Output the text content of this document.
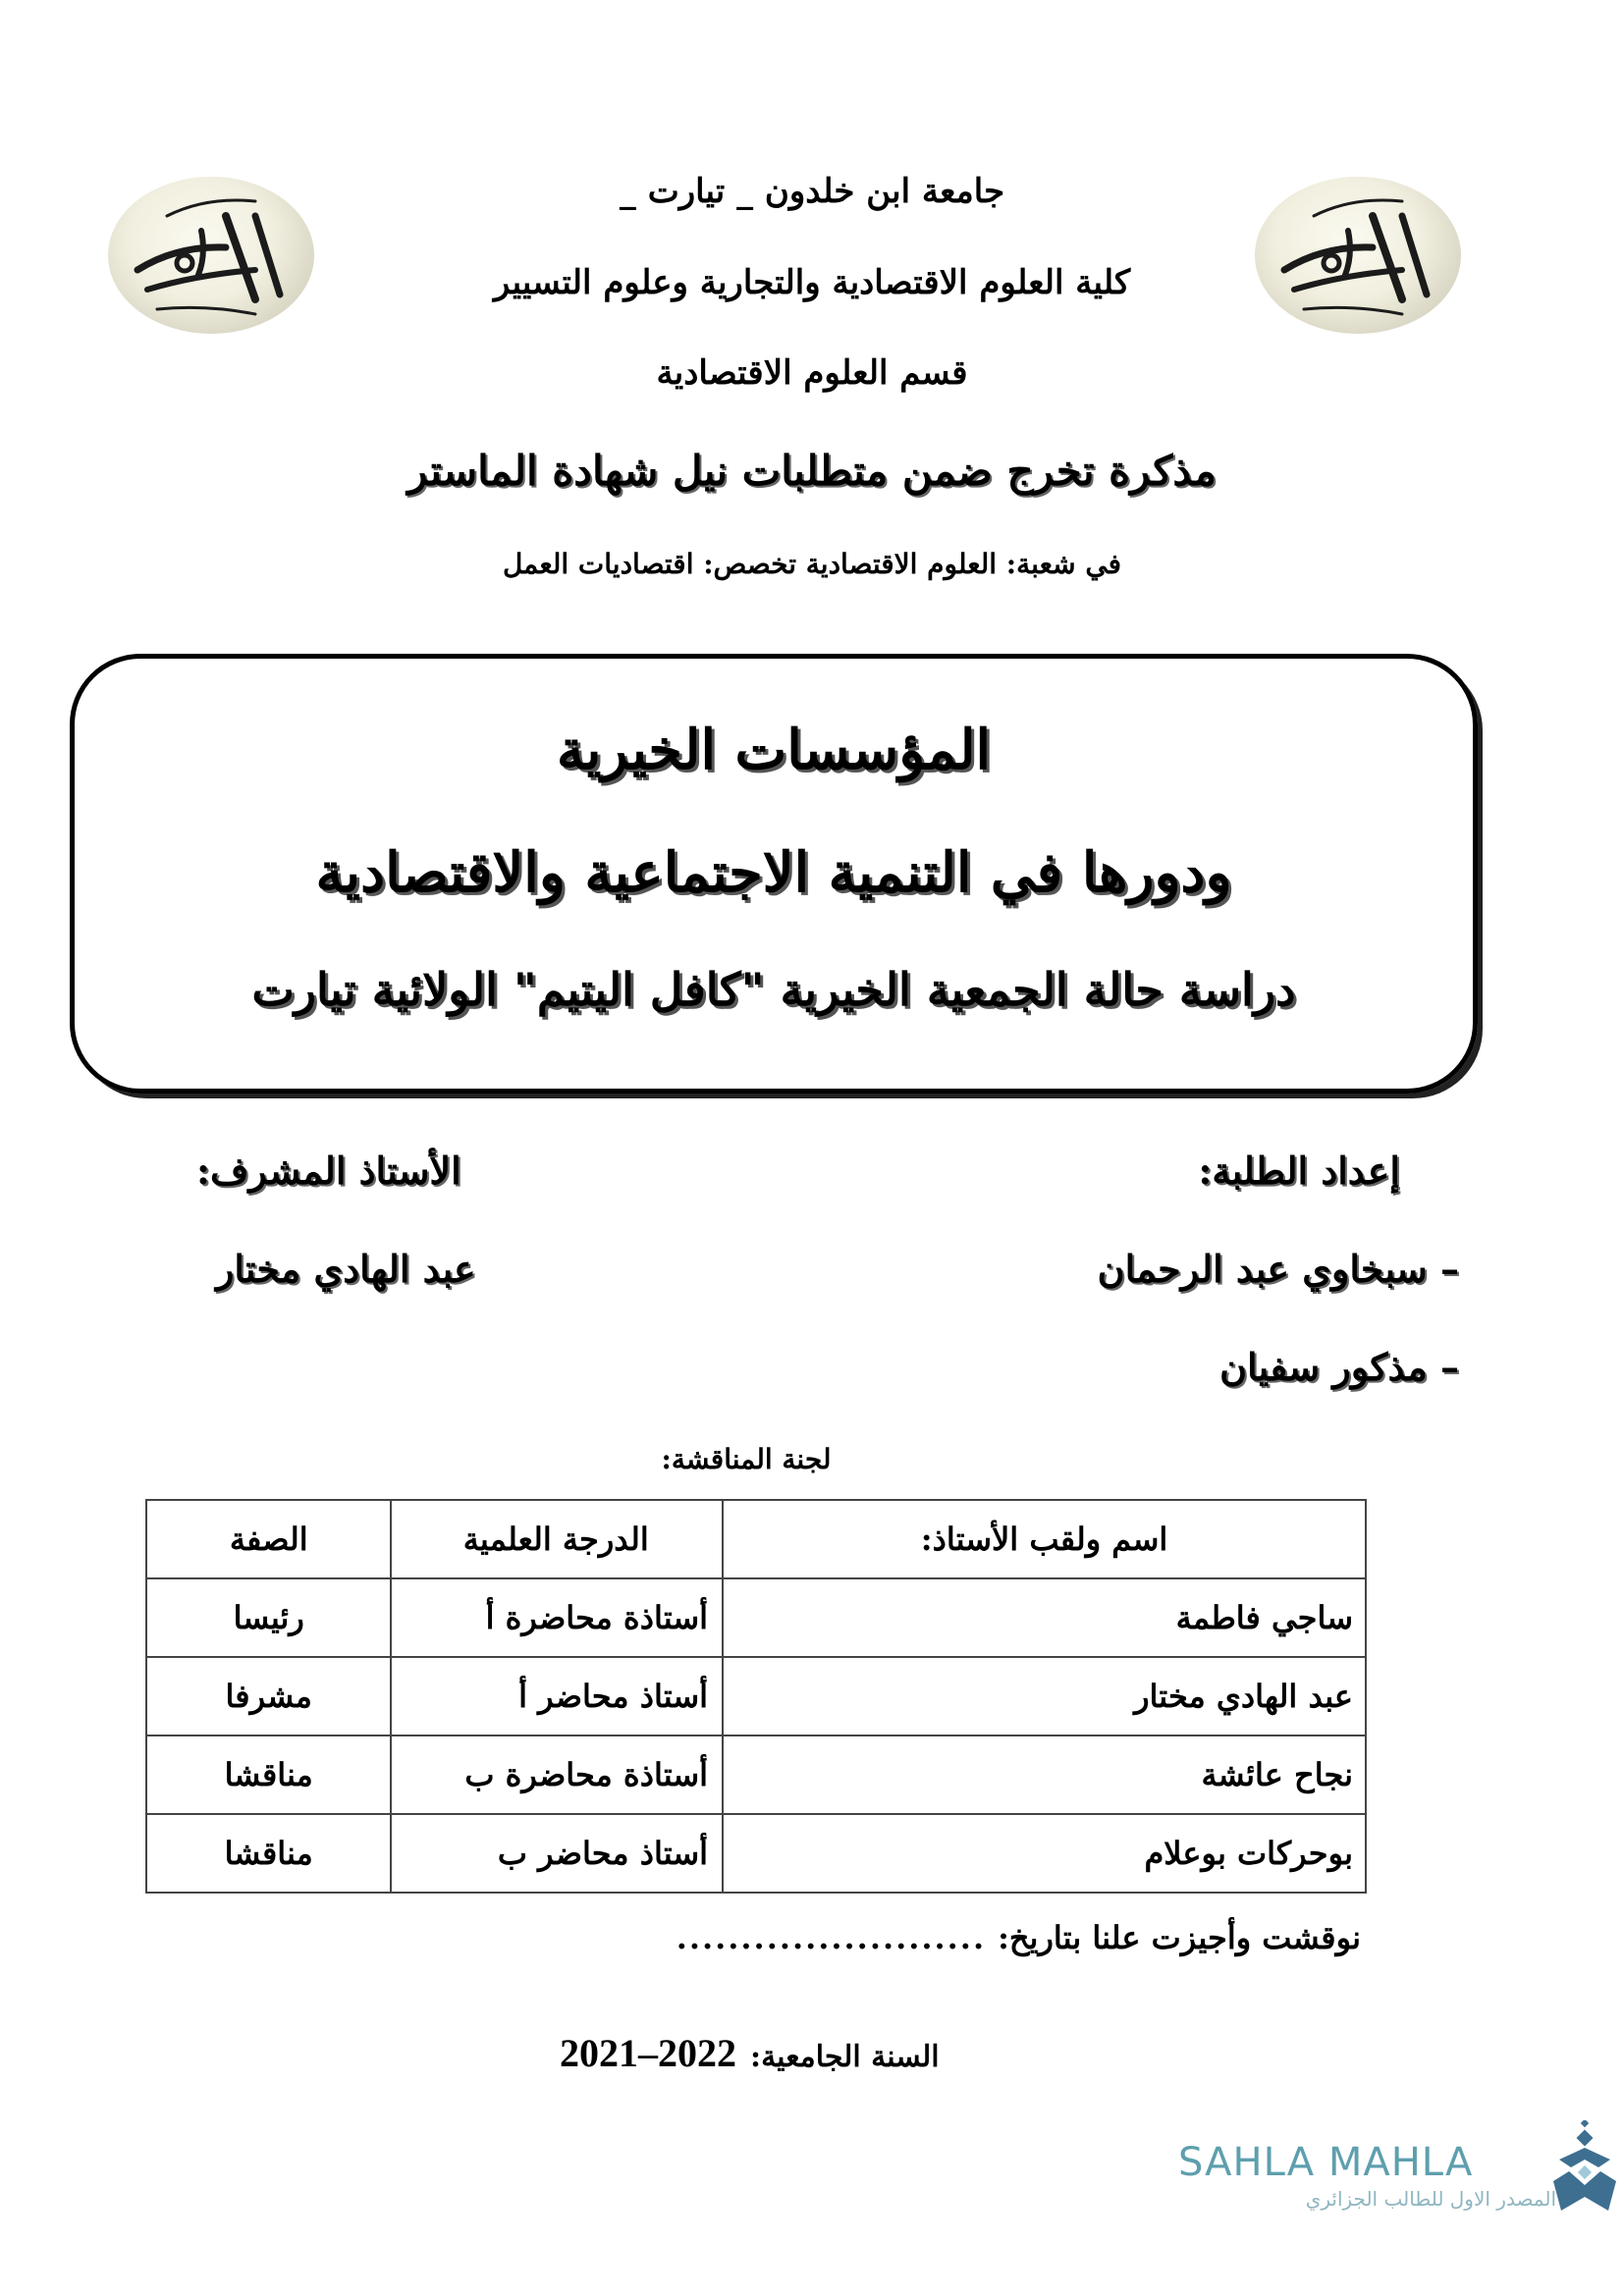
جامعة ابن خلدون _ تيارت _
كلية العلوم الاقتصادية والتجارية وعلوم التسيير
قسم العلوم الاقتصادية
مذكرة تخرج ضمن متطلبات نيل شهادة الماستر
في شعبة: العلوم الاقتصادية تخصص: اقتصاديات العمل
المؤسسات الخيرية
ودورها في التنمية الاجتماعية والاقتصادية
دراسة حالة الجمعية الخيرية "كافل اليتيم" الولائية تيارت
إعداد الطلبة:
– سبخاوي عبد الرحمان
– مذكور سفيان
الأستاذ المشرف:
عبد الهادي مختار
لجنة المناقشة:
اسم ولقب الأستاذ:	الدرجة العلمية	الصفة
ساجي فاطمة	أستاذة محاضرة أ	رئيسا
عبد الهادي مختار	أستاذ محاضر أ	مشرفا
نجاح عائشة	أستاذة محاضرة ب	مناقشا
بوحركات بوعلام	أستاذ محاضر ب	مناقشا
نوقشت وأجيزت علنا بتاريخ:
........................
السنة الجامعية:
2021–2022
SAHLA MAHLA
المصدر الاول للطالب الجزائري
